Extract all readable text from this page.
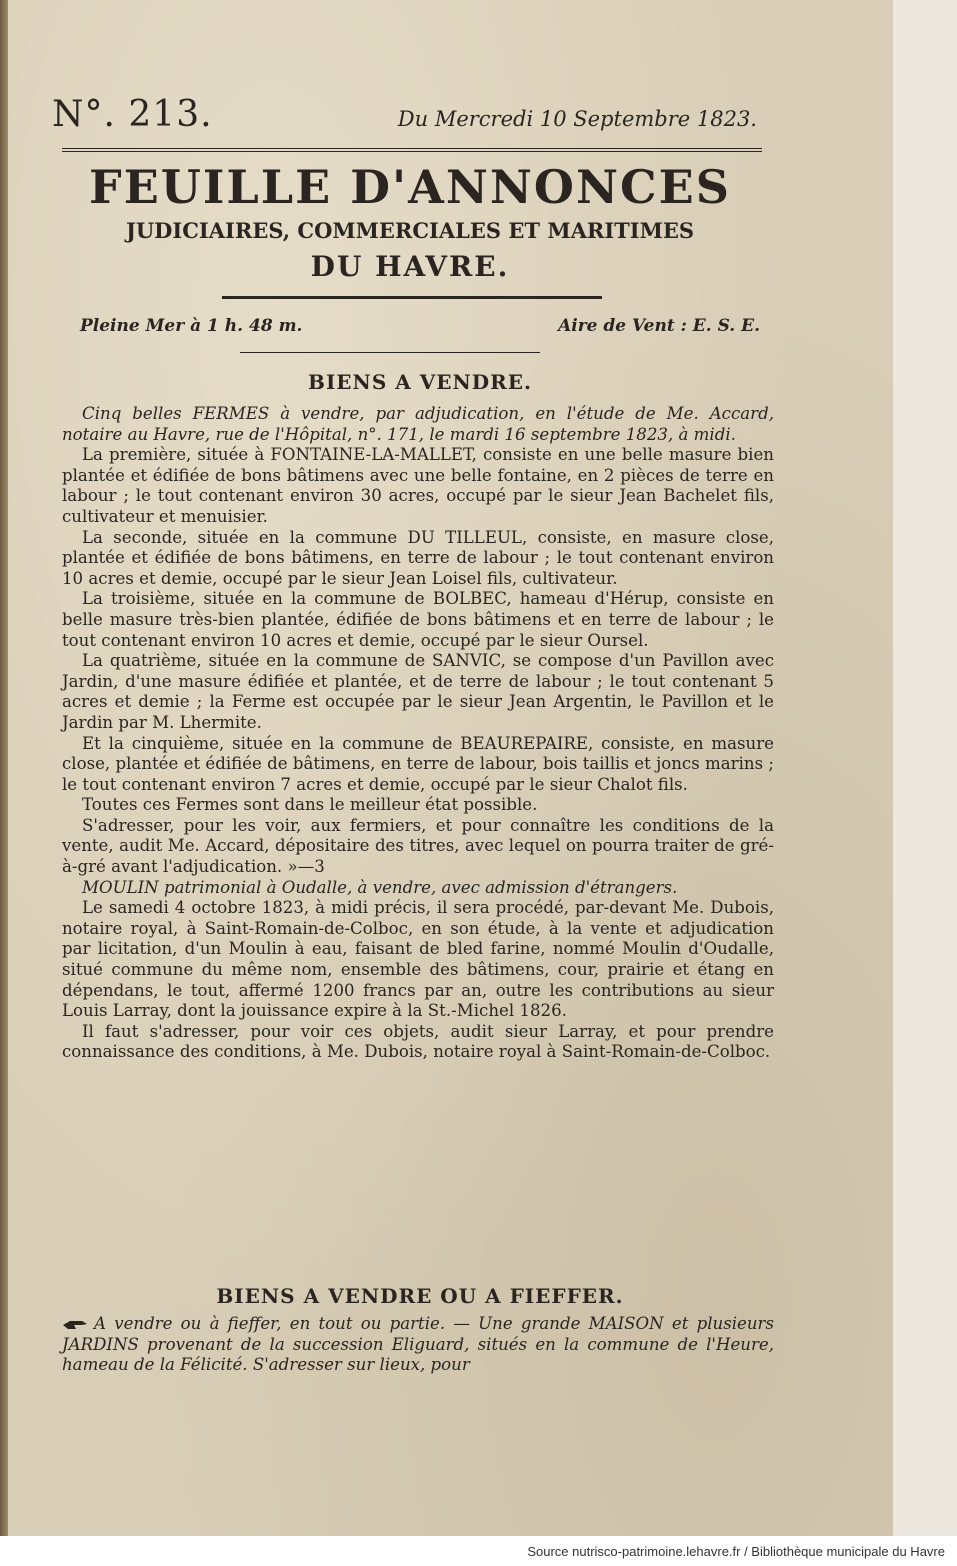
N°. 213.	Du Mercredi 10 Septembre 1823.
FEUILLE D'ANNONCES
JUDICIAIRES, COMMERCIALES ET MARITIMES
DU HAVRE.
Pleine Mer à 1 h. 48 m.	Aire de Vent : E. S. E.
BIENS A VENDRE.

Cinq belles FERMES à vendre, par adjudication, en l'étude de Me. Accard, notaire au Havre, rue de l'Hôpital, n°. 171, le mardi 16 septembre 1823, à midi.

La première, située à FONTAINE-LA-MALLET, consiste en une belle masure bien plantée et édifiée de bons bâtimens avec une belle fontaine, en 2 pièces de terre en labour ; le tout contenant environ 30 acres, occupé par le sieur Jean Bachelet fils, cultivateur et menuisier.

La seconde, située en la commune DU TILLEUL, consiste, en masure close, plantée et édifiée de bons bâtimens, en terre de labour ; le tout contenant environ 10 acres et demie, occupé par le sieur Jean Loisel fils, cultivateur.

La troisième, située en la commune de BOLBEC, hameau d'Hérup, consiste en belle masure très-bien plantée, édifiée de bons bâtimens et en terre de labour ; le tout contenant environ 10 acres et demie, occupé par le sieur Oursel.

La quatrième, située en la commune de SANVIC, se compose d'un Pavillon avec Jardin, d'une masure édifiée et plantée, et de terre de labour ; le tout contenant 5 acres et demie ; la Ferme est occupée par le sieur Jean Argentin, le Pavillon et le Jardin par M. Lhermite.

Et la cinquième, située en la commune de BEAUREPAIRE, consiste, en masure close, plantée et édifiée de bâtimens, en terre de labour, bois taillis et joncs marins ; le tout contenant environ 7 acres et demie, occupé par le sieur Chalot fils.

Toutes ces Fermes sont dans le meilleur état possible.

S'adresser, pour les voir, aux fermiers, et pour connaître les conditions de la vente, audit Me. Accard, dépositaire des titres, avec lequel on pourra traiter de gré-à-gré avant l'adjudication. »—3

MOULIN patrimonial à Oudalle, à vendre, avec admission d'étrangers.

Le samedi 4 octobre 1823, à midi précis, il sera procédé, par-devant Me. Dubois, notaire royal, à Saint-Romain-de-Colboc, en son étude, à la vente et adjudication par licitation, d'un Moulin à eau, faisant de bled farine, nommé Moulin d'Oudalle, situé commune du même nom, ensemble des bâtimens, cour, prairie et étang en dépendans, le tout, affermé 1200 francs par an, outre les contributions au sieur Louis Larray, dont la jouissance expire à la St.-Michel 1826.

Il faut s'adresser, pour voir ces objets, audit sieur Larray, et pour prendre connaissance des conditions, à Me. Dubois, notaire royal à Saint-Romain-de-Colboc.

BIENS A VENDRE OU A FIEFFER.

A vendre ou à fieffer, en tout ou partie. — Une grande MAISON et plusieurs JARDINS provenant de la succession Eliguard, situés en la commune de l'Heure, hameau de la Félicité. S'adresser sur lieux, pour

Source nutrisco-patrimoine.lehavre.fr / Bibliothèque municipale du Havre
